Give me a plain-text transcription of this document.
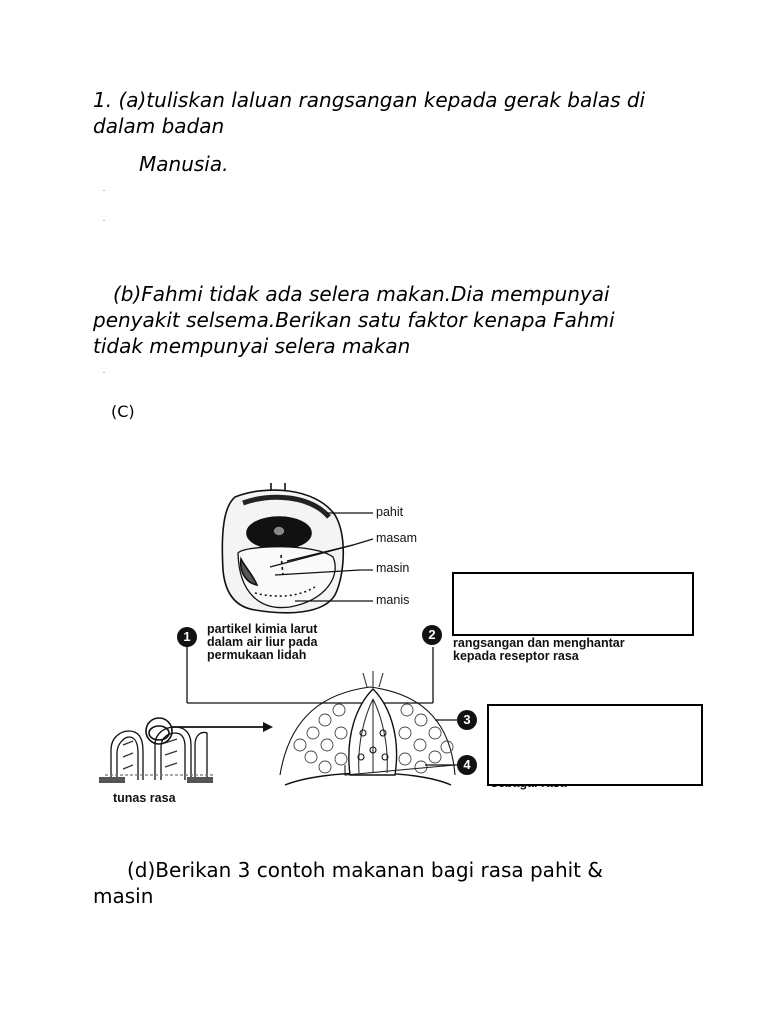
1. (a)tuliskan laluan rangsangan kepada gerak balas di
dalam badan
Manusia.
(b)Fahmi tidak ada selera makan.Dia mempunyai
penyakit selsema.Berikan satu faktor kenapa Fahmi
tidak mempunyai selera makan
(C)
pahit
masam
masin
manis
1	partikel kimia larut
dalam air liur pada
permukaan lidah
2
rangsangan dan menghantar
kepada reseptor rasa
3
4
tunas rasa
(d)Berikan 3 contoh makanan bagi rasa pahit &
masin
